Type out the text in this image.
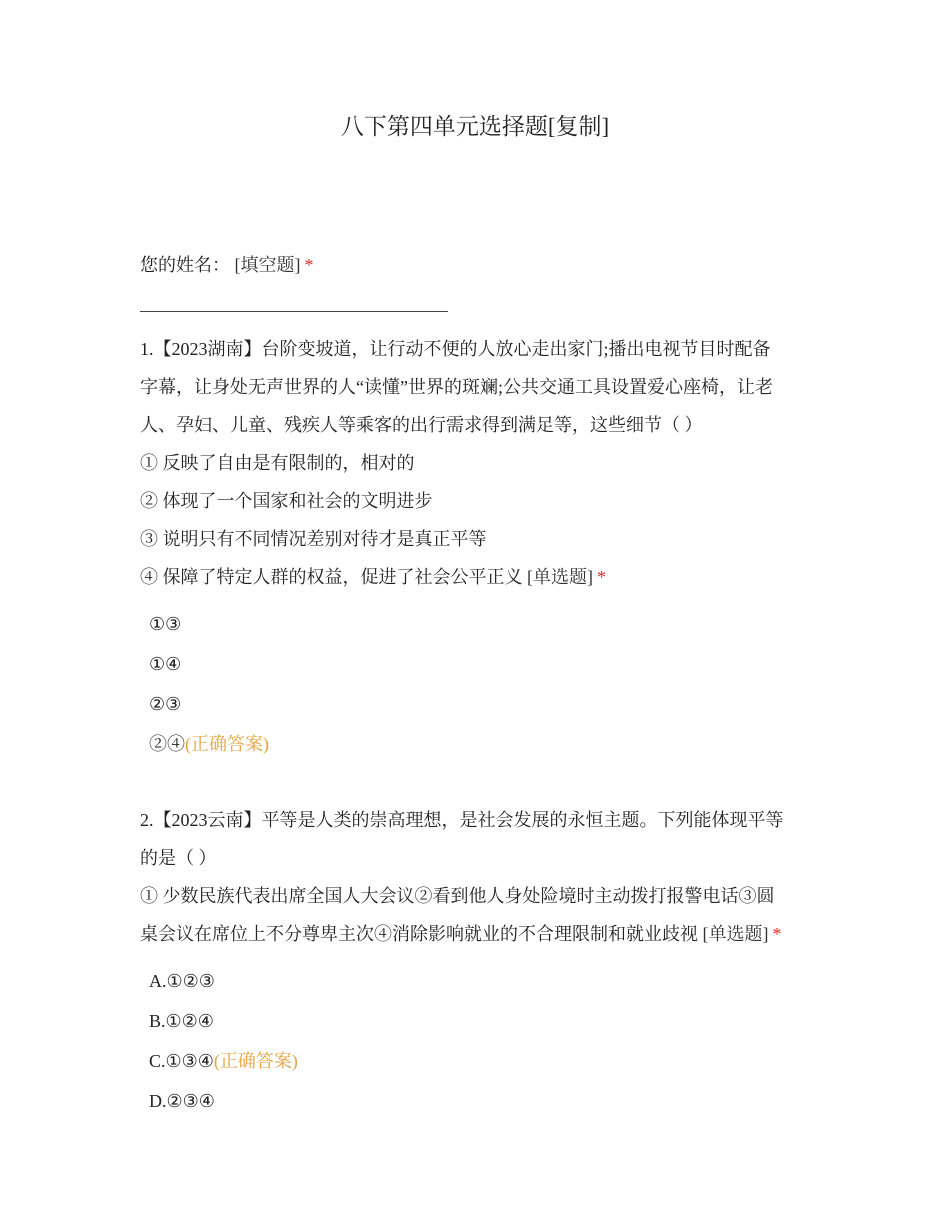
八下第四单元选择题[复制]

您的姓名： [填空题] *

1.【2023湖南】台阶变坡道，让行动不便的人放心走出家门;播出电视节目时配备

字幕，让身处无声世界的人“读懂”世界的斑斓;公共交通工具设置爱心座椅，让老

人、孕妇、儿童、残疾人等乘客的出行需求得到满足等，这些细节（ ）

① 反映了自由是有限制的，相对的

② 体现了一个国家和社会的文明进步

③ 说明只有不同情况差别对待才是真正平等

④ 保障了特定人群的权益，促进了社会公平正义 [单选题] *

①③
①④
②③
②④(正确答案)

2.【2023云南】平等是人类的崇高理想，是社会发展的永恒主题。下列能体现平等

的是（ ）

① 少数民族代表出席全国人大会议②看到他人身处险境时主动拨打报警电话③圆

桌会议在席位上不分尊卑主次④消除影响就业的不合理限制和就业歧视 [单选题] *

A.①②③
B.①②④
C.①③④(正确答案)
D.②③④
